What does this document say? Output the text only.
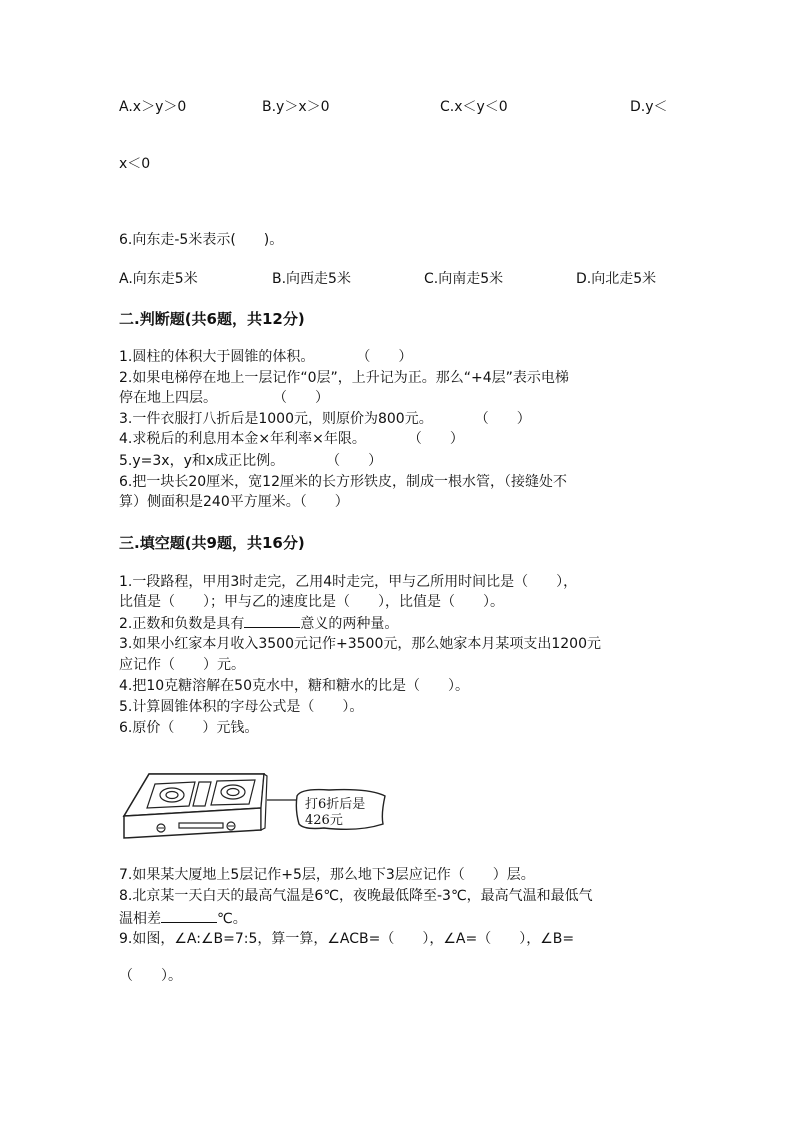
A.x＞y＞0	B.y＞x＞0	C.x＜y＜0	D.y＜
x＜0
6.向东走-5米表示(　　)。
A.向东走5米	B.向西走5米	C.向南走5米	D.向北走5米
二.判断题(共6题，共12分)
1.圆柱的体积大于圆锥的体积。　　　　（　　）
2.如果电梯停在地上一层记作“0层”，上升记为正。那么“+4层”表示电梯
停在地上四层。　　　　　（　　）
3.一件衣服打八折后是1000元，则原价为800元。　　　　（　　）
4.求税后的利息用本金×年利率×年限。　　　　（　　）
5.y=3x，y和x成正比例。　　　　（　　）
6.把一块长20厘米，宽12厘米的长方形铁皮，制成一根水管，（接缝处不
算）侧面积是240平方厘米。（　　）
三.填空题(共9题，共16分)
1.一段路程，甲用3时走完，乙用4时走完，甲与乙所用时间比是（　　），
比值是（　　）；甲与乙的速度比是（　　），比值是（　　）。
2.正数和负数是具有	意义的两种量。
3.如果小红家本月收入3500元记作+3500元，那么她家本月某项支出1200元
应记作（　　）元。
4.把10克糖溶解在50克水中，糖和糖水的比是（　　）。
5.计算圆锥体积的字母公式是（　　）。
6.原价（　　）元钱。
打6折后是
426元
7.如果某大厦地上5层记作+5层，那么地下3层应记作（　　）层。
8.北京某一天白天的最高气温是6℃，夜晚最低降至-3℃，最高气温和最低气
温相差	℃。
9.如图，∠A:∠B=7:5，算一算，∠ACB=（　　），∠A=（　　），∠B=
（　　）。
